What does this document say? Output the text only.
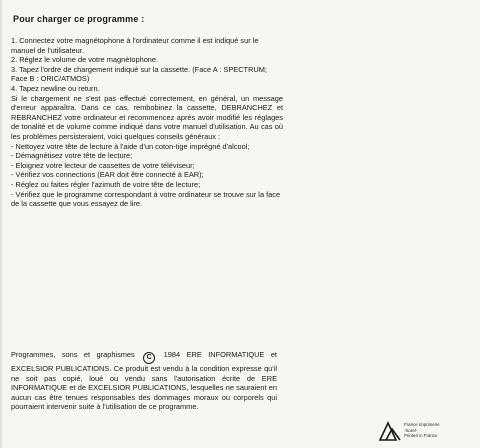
Pour charger ce programme :

1. Connectez votre magnétophone à l'ordinateur comme il est indiqué sur le manuel de l'utilisateur.

2. Réglez le volume de votre magnétophone.

3. Tapez l'ordre de chargement indiqué sur la cassette. (Face A : SPECTRUM; Face B : ORIC/ATMOS)

4. Tapez newline ou return.

Si le chargement ne s'est pas effectué correctement, en général, un message d'erreur apparaîtra. Dans ce cas, rembobinez la cassette, DEBRANCHEZ et REBRANCHEZ votre ordinateur et recommencez après avoir modifié les réglages de tonalité et de volume comme indiqué dans votre manuel d'utilisation. Au cas où les problèmes persisteraient, voici quelques conseils généraux :

- Nettoyez votre tête de lecture à l'aide d'un coton-tige imprégné d'alcool;

- Démagnétisez votre tête de lecture;

- Eloignez votre lecteur de cassettes de votre téléviseur;

- Vérifiez vos connections (EAR doit être connecté à EAR);

- Réglez ou faites régler l'azimuth de votre tête de lecture;

- Vérifiez que le programme correspondant à votre ordinateur se trouve sur la face de la cassette que vous essayez de lire.

Programmes, sons et graphismes C 1984 ERE INFORMATIQUE et EXCELSIOR PUBLICATIONS. Ce produit est vendu à la condition expresse qu'il ne soit pas copié, loué ou vendu sans l'autorisation écrite de ERE INFORMATIQUE et de EXCELSIOR PUBLICATIONS, lesquelles ne sauraient en aucun cas être tenues responsables des dommages moraux ou corporels qui pourraient intervenir suite à l'utilisation de ce programme.
France Imprimerie
-Sorel-
Printed in France
